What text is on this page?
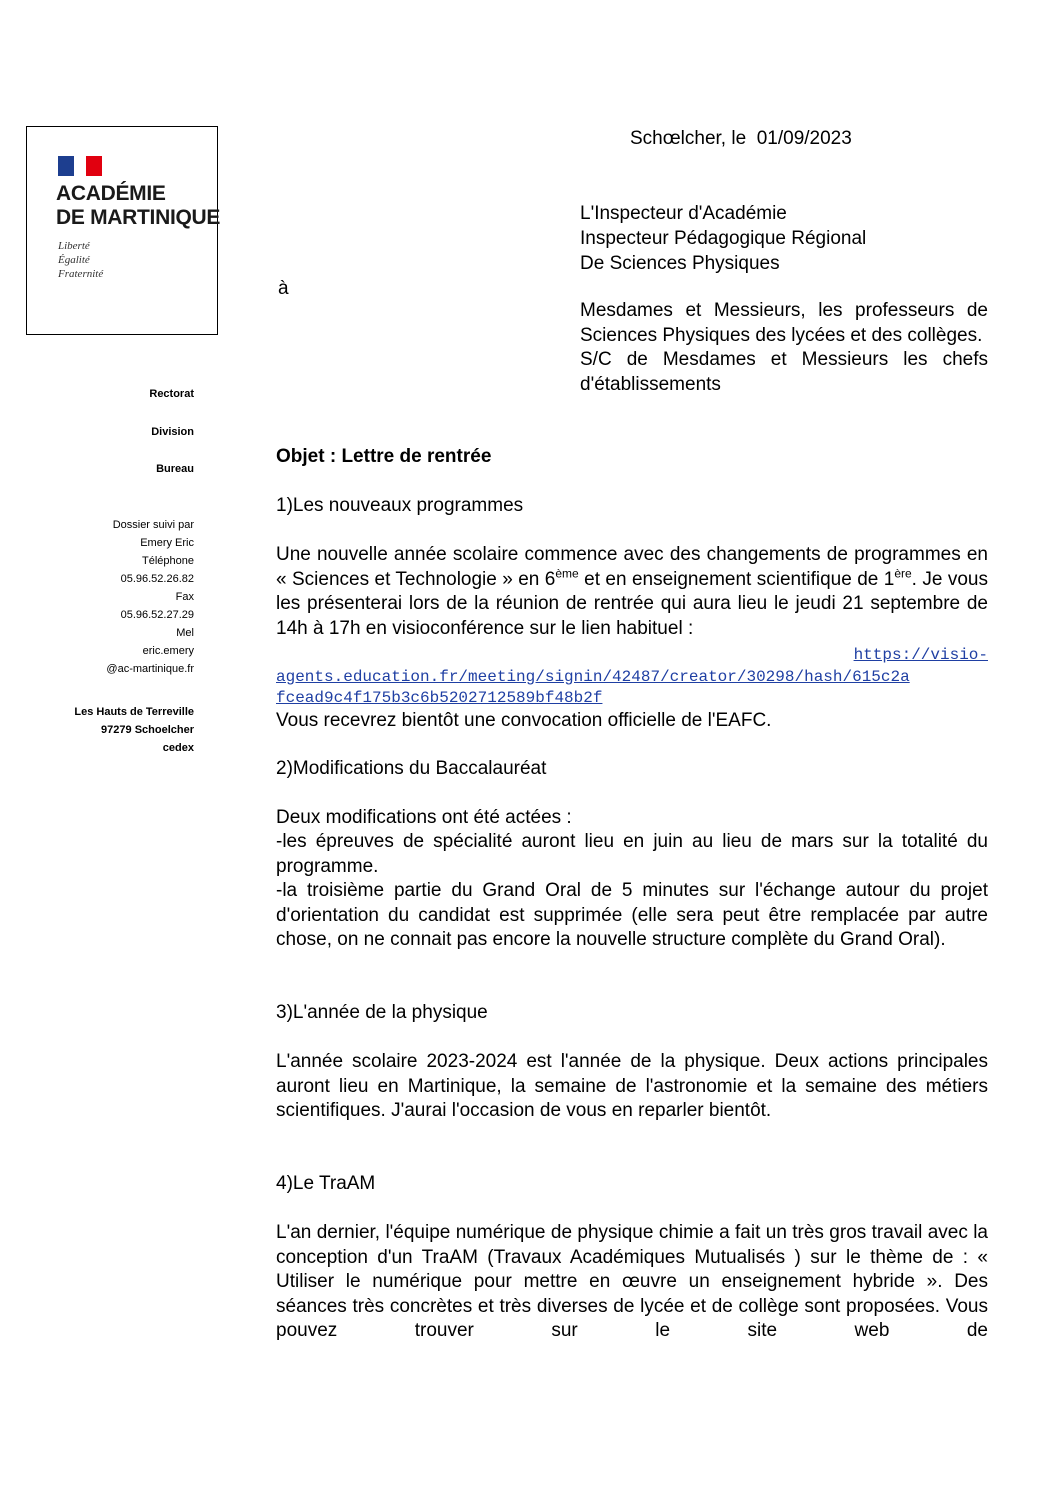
ACADÉMIE
DE MARTINIQUE
Liberté
Égalité
Fraternité
Rectorat
Division
Bureau
Dossier suivi par
Emery Eric
Téléphone
05.96.52.26.82
Fax
05.96.52.27.29
Mel
eric.emery
@ac-martinique.fr
Les Hauts de Terreville
97279 Schoelcher
cedex
Schœlcher, le  01/09/2023
L'Inspecteur d'Académie
Inspecteur Pédagogique Régional
De Sciences Physiques
à
Mesdames et Messieurs, les professeurs de Sciences Physiques des lycées et des collèges.
S/C de Mesdames et Messieurs les chefs d'établissements
Objet : Lettre de rentrée
1)Les nouveaux programmes
Une nouvelle année scolaire commence avec des changements de programmes en « Sciences et Technologie » en 6ème et en enseignement scientifique de 1ère. Je vous les présenterai lors de la réunion de rentrée qui aura lieu le jeudi 21 septembre de 14h à 17h en visioconférence sur le lien habituel :
https://visio-
agents.education.fr/meeting/signin/42487/creator/30298/hash/615c2a
fcead9c4f175b3c6b5202712589bf48b2f
Vous recevrez bientôt une convocation officielle de l'EAFC.
2)Modifications du Baccalauréat
Deux modifications ont été actées :
-les épreuves de spécialité auront lieu en juin au lieu de mars sur la totalité du programme.
-la troisième partie du Grand Oral de 5 minutes sur l'échange autour du projet d'orientation du candidat est supprimée (elle sera peut être remplacée par autre chose, on ne connait pas encore la nouvelle structure complète du Grand Oral).
3)L'année de la physique
L'année scolaire 2023-2024 est l'année de la physique. Deux actions principales auront lieu en Martinique, la semaine de l'astronomie et la semaine des métiers scientifiques. J'aurai l'occasion de vous en reparler bientôt.
4)Le TraAM
L'an dernier, l'équipe numérique de physique chimie a fait un très gros travail avec la conception d'un TraAM (Travaux Académiques Mutualisés ) sur le thème de : « Utiliser le numérique pour mettre en œuvre un enseignement hybride ». Des séances très concrètes et très diverses de lycée et de collège sont proposées. Vous pouvez trouver sur le site web de
